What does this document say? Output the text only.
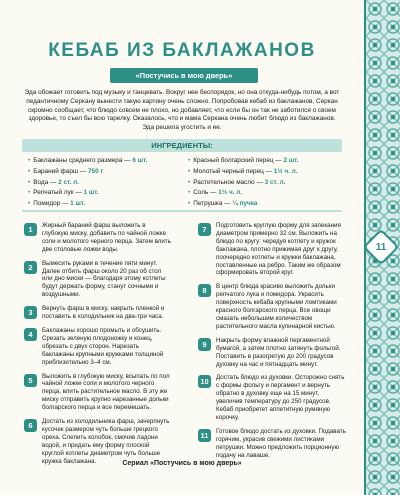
11
КЕБАБ ИЗ БАКЛАЖАНОВ
«Постучись в мою дверь»

Эда обожает готовить под музыку и танцевать. Вокруг нее беспорядок, но она откуда-нибудь потом, а вот педантичному Серкану вынести такую картину очень сложно. Попробовав кебаб из баклажанов, Серкан скромно сообщает, что блюдо совсем не плохо, но добавляет, что если бы он так не заботился о своем здоровье, то съел бы всю тарелку. Оказалось, что и мама Серкана очень любит блюдо из баклажанов. Эда решила угостить и ее.

ИНГРЕДИЕНТЫ:
• Баклажаны среднего размера — 6 шт.
• Бараний фарш — 750 г
• Вода — 2 ст. л.
• Репчатый лук — 1 шт.
• Помидор — 1 шт.
• Красный болгарский перец — 2 шт.
• Молотый черный перец — 1½ ч. л.
• Растительное масло — 3 ст. л.
• Соль — 1½ ч. л.
• Петрушка — ¼ пучка
1	Жирный бараний фарш выложить в глубокую миску, добавить по чайной ложке соли и молотого черного перца. Затем влить две столовые ложки воды.
2	Вымесить руками в течение пяти минут. Далее отбить фарш около 20 раз об стол или дно миски — благодаря этому котлеты будут держать форму, станут сочными и воздушными.
3	Вернуть фарш в миску, накрыть пленкой и поставить в холодильник на два-три часа.
4	Баклажаны хорошо промыть и обсушить. Срезать зеленую плодоножку и конец, обрезать с двух сторон. Нарезать баклажаны крупными кружками толщиной приблизительно 3–4 см.
5	Выложить в глубокую миску, всыпать по пол чайной ложке соли и молотого черного перца, влить растительное масло. В эту же миску отправить крупно нарезанные дольки болгарского перца и все перемешать.
6	Достать из холодильника фарш, зачерпнуть кусочек размером чуть больше грецкого ореха. Слепить колобок, смочив ладони водой, и придать ему форму плоской круглой котлеты диаметром чуть больше кружка баклажана.
7	Подготовить круглую форму для запекания диаметром примерно 32 см. Выложить на блюдо по кругу: чередуя котлету и кружок баклажана, плотно прижимая друг к другу, поочередно котлеты и кружки баклажана, поставленные на ребро. Таким же образом сформировать второй круг.
8	В центр блюда красиво выложить дольки репчатого лука и помидора. Украсить поверхность кебаба крупными ломтиками красного болгарского перца. Все овощи смазать небольшим количеством растительного масла кулинарной кистью.
9	Накрыть форму влажной пергаментной бумагой, а затем плотно затянуть фольгой. Поставить в разогретую до 200 градусов духовку на час и пятнадцать минут.
10	Достать блюдо из духовки. Осторожно снять с формы фольгу и пергамент и вернуть обратно в духовку еще на 15 минут, увеличив температуру до 250 градусов. Кебаб приобретет аппетитную румяную корочку.
11	Готовое блюдо достать из духовки. Подавать горячим, украсив свежими листиками петрушки. Можно предложить порционную подачу на лаваше.
Сериал «Постучись в мою дверь»
